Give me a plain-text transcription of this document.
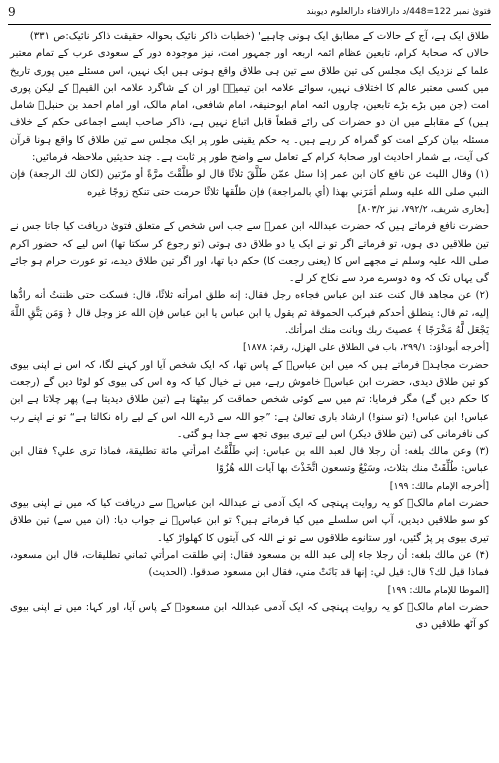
9	فتویٰ نمبر 122=448/د دارالافتاء دارالعلوم دیوبند

طلاق ایک ہے، آج کے حالات کے مطابق ایک ہونی چاہیے' (خطبات ذاکر نائیک بحوالہ حقیقت ذاکر نائیک:ص ۳۳۱)

حالاں کہ صحابۂ کرام، تابعین عظام ائمہ اربعہ اور جمہور امت، نیز موجودہ دور کے سعودی عرب کے تمام معتبر علما کے نزدیک ایک مجلس کی تین طلاق سے تین ہی طلاق واقع ہوتی ہیں ایک نہیں، اس مسئلے میں پوری تاریخ میں کسی معتبر عالم کا اختلاف نہیں، سوائے علامہ ابن تیمیہؒ اور ان کے شاگرد علامہ ابن القیمؒ کے لیکن پوری امت (جن میں بڑے بڑے تابعین، چاروں ائمہ امام ابوحنیفہ، امام شافعی، امام مالک، اور امام احمد بن حنبلؒ شامل ہیں) کے مقابلے میں ان دو حضرات کی رائے قطعاً قابل اتباع نہیں ہے، ذاکر صاحب ایسے اجماعی حکم کے خلاف مسئلہ بیان کرکے امت کو گمراہ کر رہے ہیں۔ یہ حکم یقینی طور پر ایک مجلس سے تین طلاق کا واقع ہونا قرآن کی آیت، بے شمار احادیث اور صحابۂ کرام کے تعامل سے واضح طور پر ثابت ہے۔ چند حدیثیں ملاحظہ فرمائیں:

(۱) وقال الليث عن نافع كان ابن عمر إذا سئل عمّن طَلَّقَ ثلاثًا قال لو طلَّقْتَ مرَّةً أو مرّتين (لكان لك الرجعة) فإن النبي صلى الله عليه وسلم أمَرَني بهذا (أي بالمراجعة) فإن طلّقها ثلاثًا حرمت حتى تنكح زوجًا غيره

[بخاری شریف، ۷۹۲/۲، نیز ۸۰۳/۲]

حضرت نافع فرماتے ہیں کہ حضرت عبداللہ ابن عمرؓ سے جب اس شخص کے متعلق فتویٰ دریافت کیا جاتا جس نے تین طلاقیں دی ہوں، تو فرماتے اگر تو نے ایک یا دو طلاق دی ہوتی (تو رجوع کر سکتا تھا) اس لیے کہ حضور اکرم صلی اللہ علیہ وسلم نے مجھے اس کا (یعنی رجعت کا) حکم دیا تھا، اور اگر تین طلاق دیدے، تو عورت حرام ہو جائے گی یہاں تک کہ وہ دوسرے مرد سے نکاح کر لے۔

(۲) عن مجاهد قال كنت عند ابن عباس فجاءه رجل فقال: إنه طلق امرأته ثلاثًا، قال: فسكت حتى ظننتُ أنه رادُّها إليه، ثم قال: ينطلق أحدكم فيركب الحموقة ثم يقول يا ابن عباس يا ابن عباس فإن الله عز وجل قال ﴿ وَمَن يَتَّقِ اللَّهَ يَجْعَل لَّهُ مَخْرَجًا ﴾ عصيتَ ربك وبانت منك امرأتك.

[أخرجه أبوداؤد: ۲۹۹/۱، باب في الطلاق على الهزل، رقم: ۱۸۷۸]

حضرت مجاہدؒ فرماتے ہیں کہ میں ابن عباسؓ کے پاس تھا، کہ ایک شخص آیا اور کہنے لگا، کہ اس نے اپنی بیوی کو تین طلاق دیدی، حضرت ابن عباسؓ خاموش رہے، میں نے خیال کیا کہ وہ اس کی بیوی کو لوٹا دیں گے (رجعت کا حکم دیں گے) مگر فرمایا: تم میں سے کوئی شخص حماقت کر بیٹھتا ہے (تین طلاق دیدیتا ہے) پھر چلاتا ہے ابن عباس! ابن عباس! (تو سنو!) ارشاد باری تعالیٰ ہے: ”جو اللہ سے ڈرے اللہ اس کے لیے راہ نکالتا ہے“ تو نے اپنے رب کی نافرمانی کی (تین طلاق دیکر) اس لیے تیری بیوی تجھ سے جدا ہو گئی۔

(۳) وعن مالك بلغه: أن رجلا قال لعبد الله بن عباس: إني طَلَّقْتُ امرأتي مائة تطليقة، فماذا ترى علي؟ فقال ابن عباس: طُلِّقَتْ منك بثلاث، وسَبْعٌ وتسعون اتَّخَذْتَ بها آيات الله هُزُوًا

[أخرجه الإمام مالك: ۱۹۹]

حضرت امام مالکؒ کو یہ روایت پہنچی کہ ایک آدمی نے عبداللہ ابن عباسؓ سے دریافت کیا کہ میں نے اپنی بیوی کو سو طلاقیں دیدیں، آپ اس سلسلے میں کیا فرماتے ہیں؟ تو ابن عباسؓ نے جواب دیا: (ان میں سے) تین طلاق تیری بیوی پر پڑ گئیں، اور ستانوے طلاقوں سے تو نے اللہ کی آیتوں کا کھلواڑ کیا۔

(۴) عن مالك بلغه: أن رجلا جاء إلى عبد الله بن مسعود فقال: إني طلقت امرأتي ثماني تطليقات، قال ابن مسعود، فماذا قيل لك؟ قال: قيل لي: إنها قد بَانَتْ مني، فقال ابن مسعود صدقوا. (الحديث)

[الموطا للإمام مالك: ۱۹۹]

حضرت امام مالکؒ کو یہ روایت پہنچی کہ ایک آدمی عبداللہ ابن مسعودؓ کے پاس آیا، اور کہا: میں نے اپنی بیوی کو آٹھ طلاقیں دی
